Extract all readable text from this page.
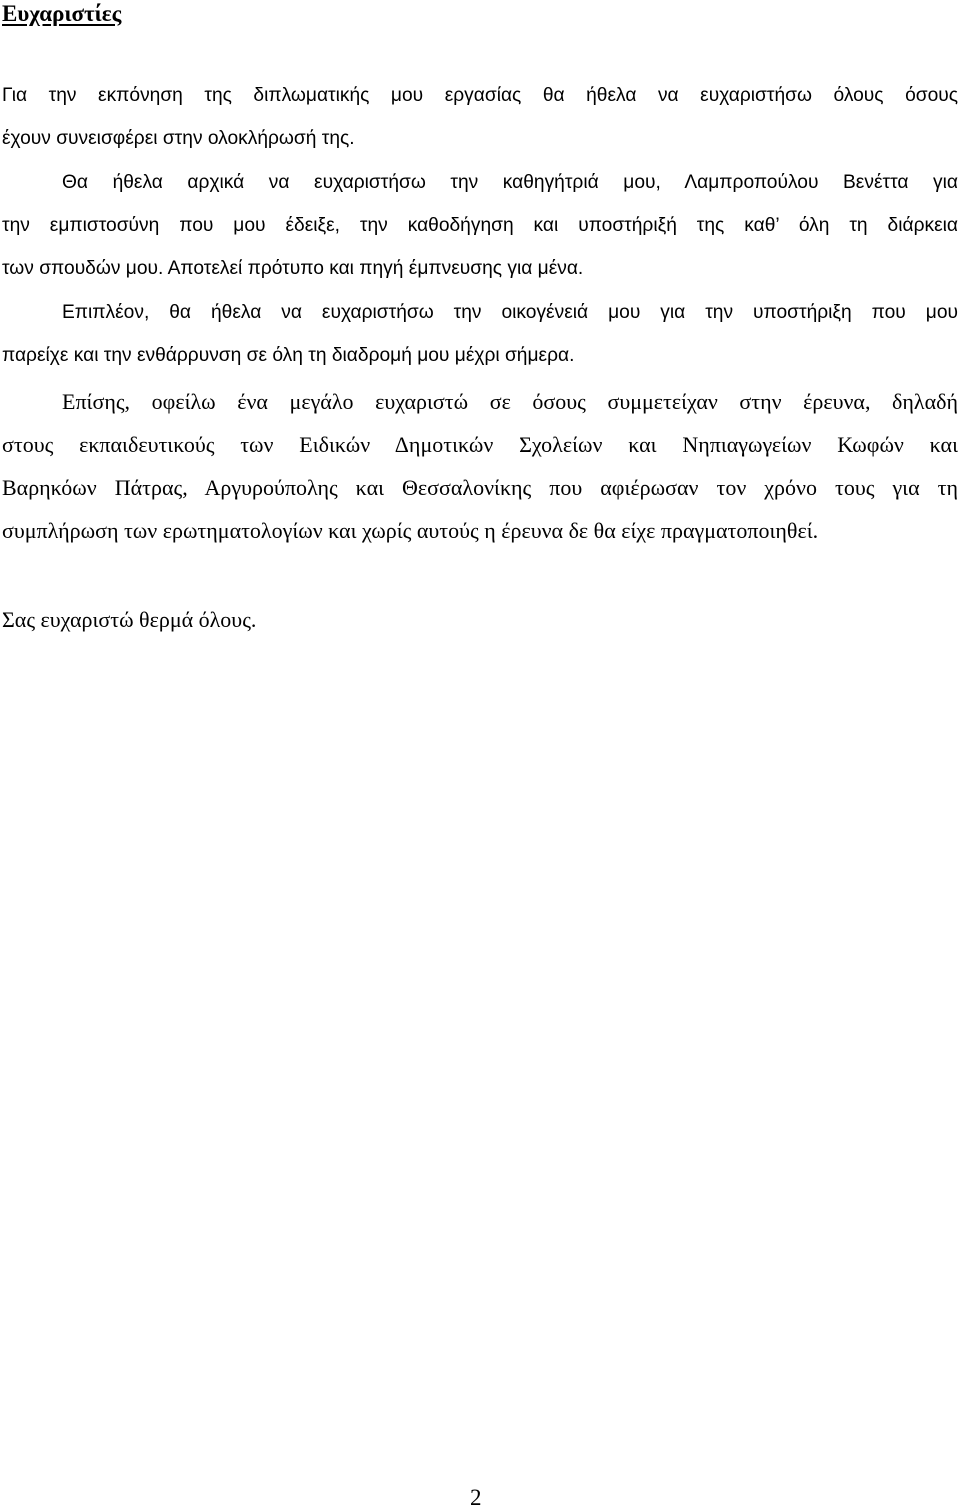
Ευχαριστίες

Για την εκπόνηση της διπλωματικής μου εργασίας θα ήθελα να ευχαριστήσω όλους όσους
έχουν συνεισφέρει στην ολοκλήρωσή της.

Θα ήθελα αρχικά να ευχαριστήσω την καθηγήτριά μου, Λαμπροπούλου Βενέττα για
την εμπιστοσύνη που μου έδειξε, την καθοδήγηση και υποστήριξή της καθ’ όλη τη διάρκεια
των σπουδών μου. Αποτελεί πρότυπο και πηγή έμπνευσης για μένα.

Επιπλέον, θα ήθελα να ευχαριστήσω την οικογένειά μου για την υποστήριξη που μου
παρείχε και την ενθάρρυνση σε όλη τη διαδρομή μου μέχρι σήμερα.

Επίσης, οφείλω ένα μεγάλο ευχαριστώ σε όσους συμμετείχαν στην έρευνα, δηλαδή
στους εκπαιδευτικούς των Ειδικών Δημοτικών Σχολείων και Νηπιαγωγείων Κωφών και
Βαρηκόων Πάτρας, Αργυρούπολης και Θεσσαλονίκης που αφιέρωσαν τον χρόνο τους για τη
συμπλήρωση των ερωτηματολογίων και χωρίς αυτούς η έρευνα δε θα είχε πραγματοποιηθεί.

Σας ευχαριστώ θερμά όλους.

2
